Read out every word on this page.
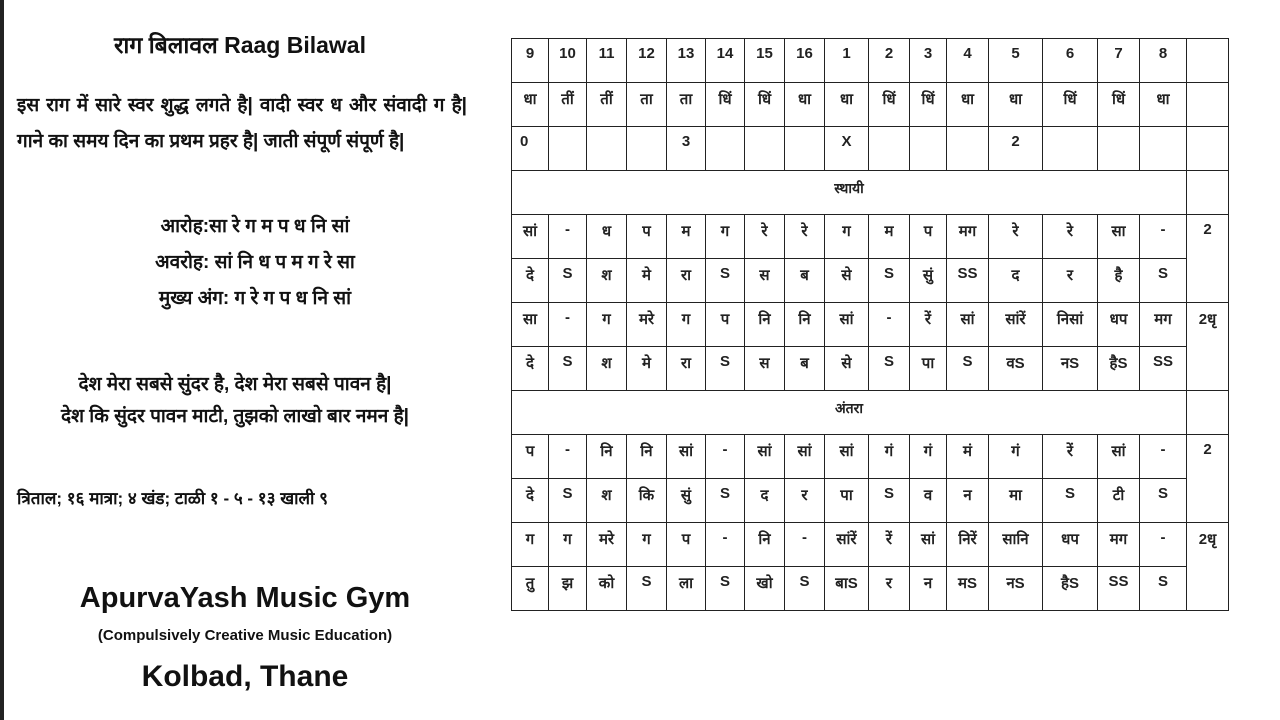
राग बिलावल Raag Bilawal
इस राग में सारे स्वर शुद्ध लगते है| वादी स्वर ध और संवादी ग है| गाने का समय दिन का प्रथम प्रहर है| जाती संपूर्ण संपूर्ण है|
आरोह:सा रे ग म प ध नि सां
अवरोह: सां नि ध प म ग रे सा
मुख्य अंग: ग रे ग प ध नि सां
देश मेरा सबसे सुंदर है, देश मेरा सबसे पावन है|
देश कि सुंदर पावन माटी, तुझको लाखो बार नमन है|
त्रिताल; १६ मात्रा; ४ खंड; टाळी १ - ५ - १३ खाली ९
ApurvaYash Music Gym
(Compulsively Creative Music Education)
Kolbad, Thane
9	10	11	12	13	14	15	16	1	2	3	4	5	6	7	8	
धा	तीं	तीं	ता	ता	धिं	धिं	धा	धा	धिं	धिं	धा	धा	धिं	धिं	धा	
0				3				X				2				
स्थायी																
सां	-	ध	प	म	ग	रे	रे	ग	म	प	मग	रे	रे	सा	-	2
दे	S	श	मे	रा	S	स	ब	से	S	सुं	SS	द	र	है	S	
सा	-	ग	मरे	ग	प	नि	नि	सां	-	रें	सां	सांरें	निसां	धप	मग	2धृ
दे	S	श	मे	रा	S	स	ब	से	S	पा	S	वS	नS	हैS	SS	
अंतरा																
प	-	नि	नि	सां	-	सां	सां	सां	गं	गं	मं	गं	रें	सां	-	2
दे	S	श	कि	सुं	S	द	र	पा	S	व	न	मा	S	टी	S	
ग	ग	मरे	ग	प	-	नि	-	सांरें	रें	सां	निरें	सानि	धप	मग	-	2धृ
तु	झ	को	S	ला	S	खो	S	बाS	र	न	मS	नS	हैS	SS	S	
